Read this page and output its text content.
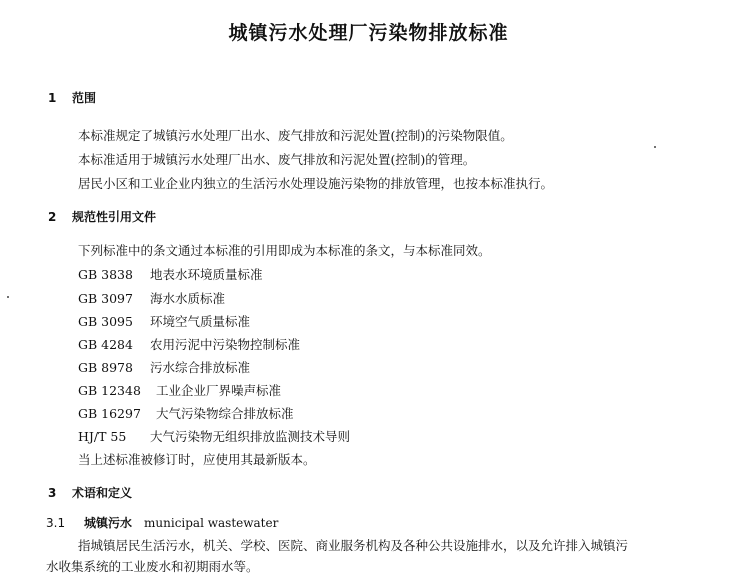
城镇污水处理厂污染物排放标准
1 范围
本标准规定了城镇污水处理厂出水、废气排放和污泥处置(控制)的污染物限值。
本标准适用于城镇污水处理厂出水、废气排放和污泥处置(控制)的管理。
居民小区和工业企业内独立的生活污水处理设施污染物的排放管理，也按本标准执行。
2 规范性引用文件
下列标准中的条文通过本标准的引用即成为本标准的条文，与本标准同效。
GB 3838 地表水环境质量标准
GB 3097 海水水质标准
GB 3095 环境空气质量标准
GB 4284 农用污泥中污染物控制标准
GB 8978 污水综合排放标准
GB 12348 工业企业厂界噪声标准
GB 16297 大气污染物综合排放标准
HJ/T 55 大气污染物无组织排放监测技术导则
当上述标准被修订时，应使用其最新版本。
3 术语和定义
3.1 城镇污水 municipal wastewater
指城镇居民生活污水，机关、学校、医院、商业服务机构及各种公共设施排水，以及允许排入城镇污
水收集系统的工业废水和初期雨水等。
